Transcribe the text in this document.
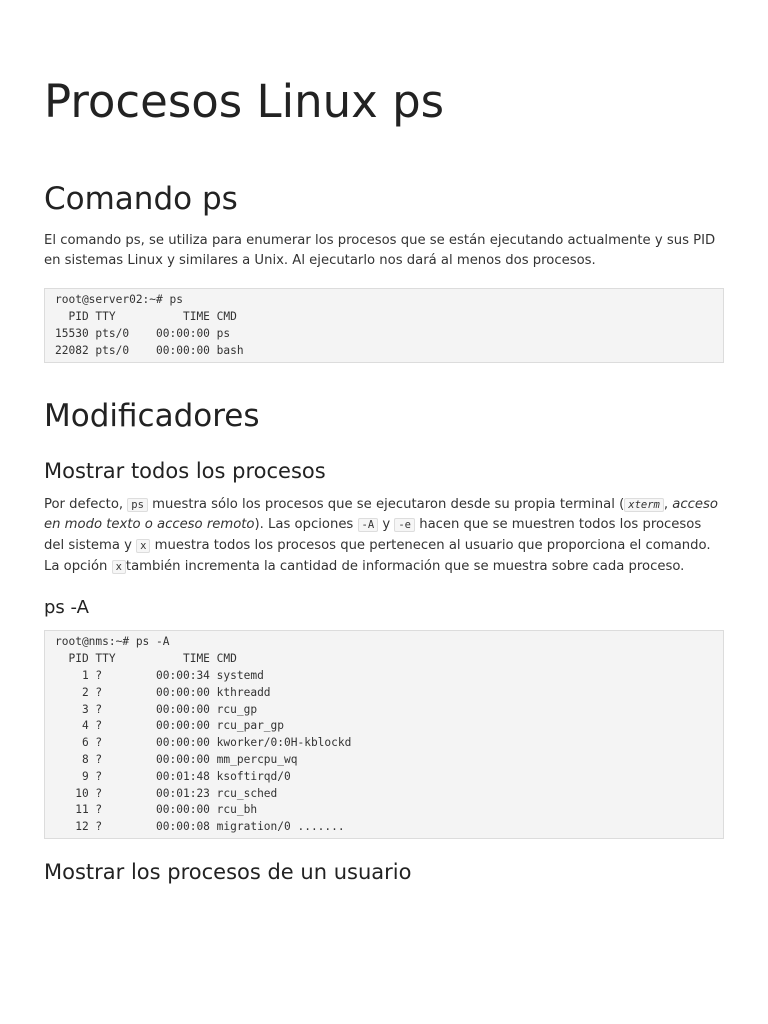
Procesos Linux ps
Comando ps

El comando ps, se utiliza para enumerar los procesos que se están ejecutando actualmente y sus PID en sistemas Linux y similares a Unix. Al ejecutarlo nos dará al menos dos procesos.

root@server02:~# ps
PID TTY          TIME CMD
15530 pts/0    00:00:00 ps
22082 pts/0    00:00:00 bash
Modificadores
Mostrar todos los procesos

Por defecto, ps muestra sólo los procesos que se ejecutaron desde su propia terminal ( xterm , acceso en modo texto o acceso remoto). Las opciones -A y -e hacen que se muestren todos los procesos del sistema y x muestra todos los procesos que pertenecen al usuario que proporciona el comando. La opción x también incrementa la cantidad de información que se muestra sobre cada proceso.

ps -A
root@nms:~# ps -A
PID TTY          TIME CMD
1 ?        00:00:34 systemd
2 ?        00:00:00 kthreadd
3 ?        00:00:00 rcu_gp
4 ?        00:00:00 rcu_par_gp
6 ?        00:00:00 kworker/0:0H-kblockd
8 ?        00:00:00 mm_percpu_wq
9 ?        00:01:48 ksoftirqd/0
10 ?        00:01:23 rcu_sched
11 ?        00:00:00 rcu_bh
12 ?        00:00:08 migration/0 .......
Mostrar los procesos de un usuario
